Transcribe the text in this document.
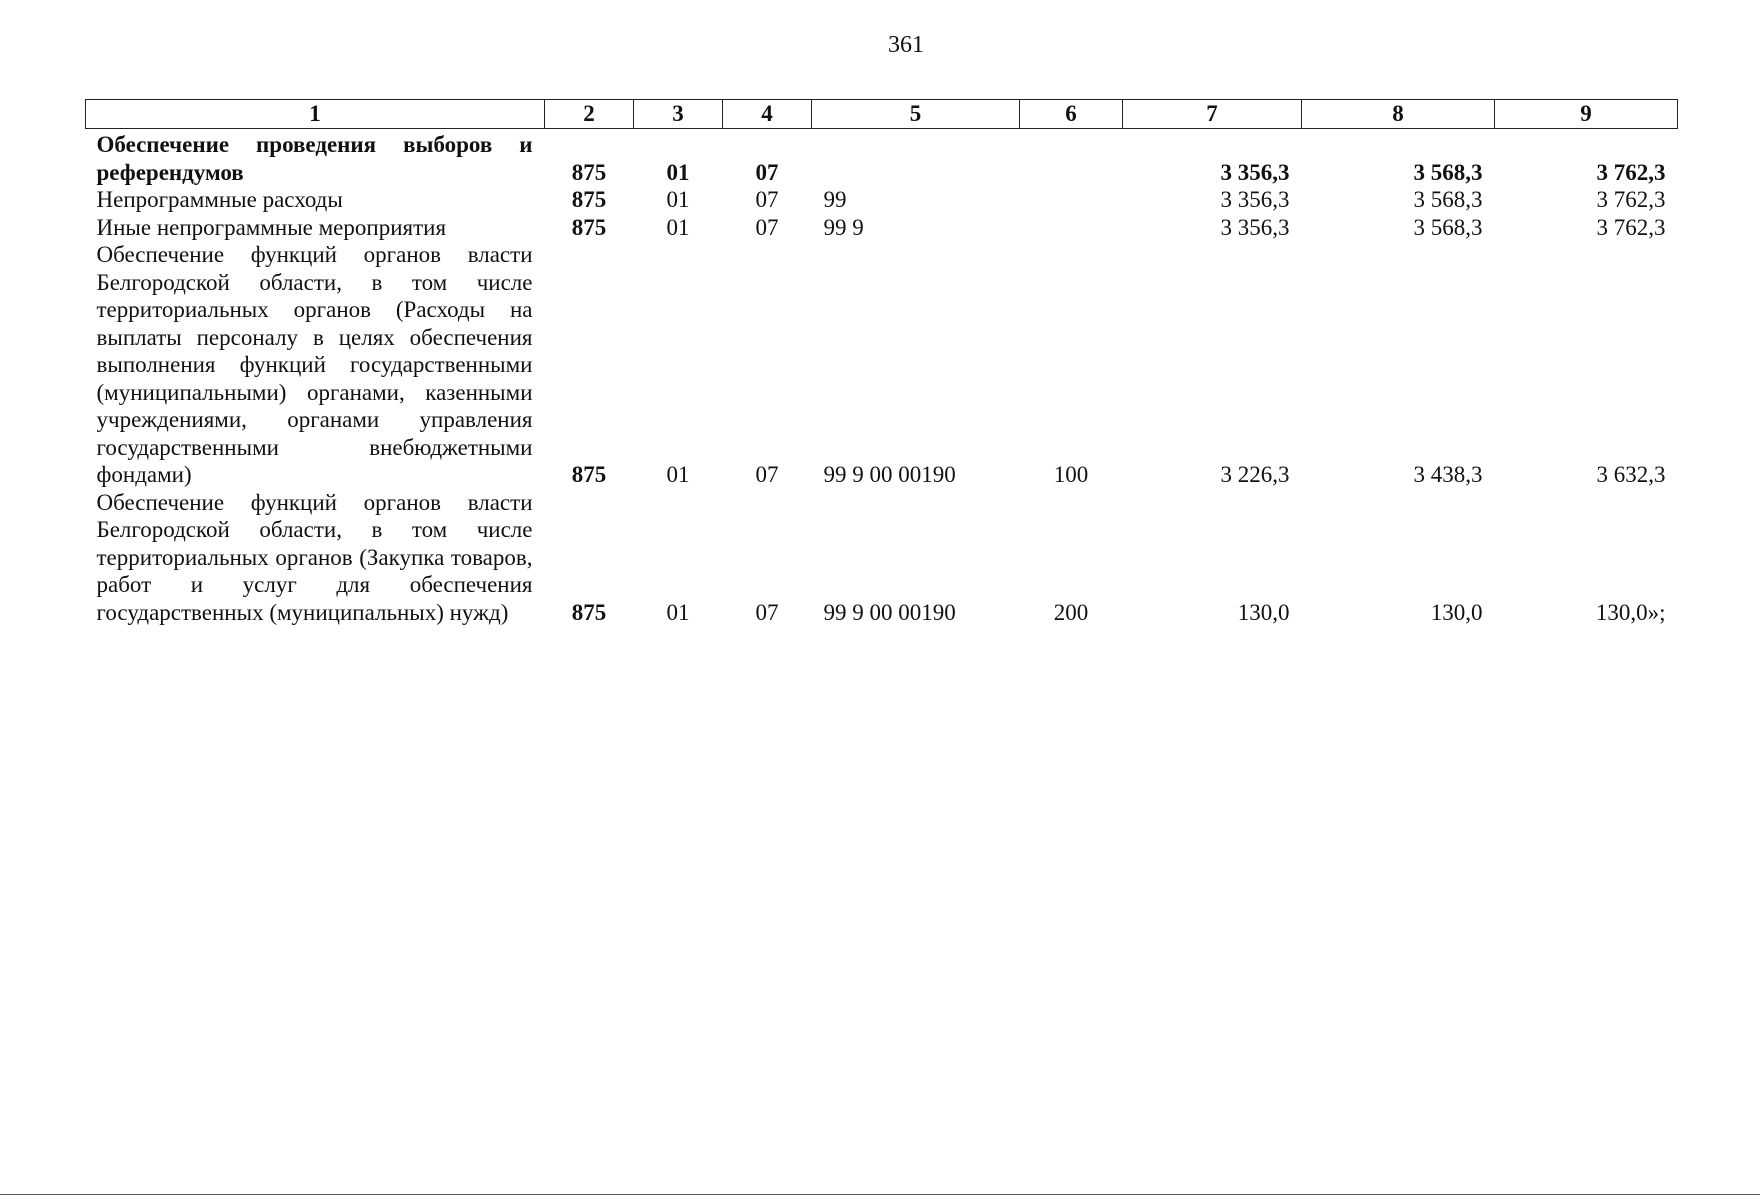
361
1	2	3	4	5	6	7	8	9
Обеспечение проведения выборов и референдумов	875	01	07			3 356,3	3 568,3	3 762,3
Непрограммные расходы	875	01	07	99		3 356,3	3 568,3	3 762,3
Иные непрограммные мероприятия	875	01	07	99 9		3 356,3	3 568,3	3 762,3
Обеспечение функций органов власти Белгородской области, в том числе территориальных органов (Расходы на выплаты персоналу в целях обеспечения выполнения функций государственными (муниципальными) органами, казенными учреждениями, органами управления государственными внебюджетными фондами)	875	01	07	99 9 00 00190	100	3 226,3	3 438,3	3 632,3
Обеспечение функций органов власти Белгородской области, в том числе территориальных органов (Закупка товаров, работ и услуг для обеспечения государственных (муниципальных) нужд)	875	01	07	99 9 00 00190	200	130,0	130,0	130,0»;
